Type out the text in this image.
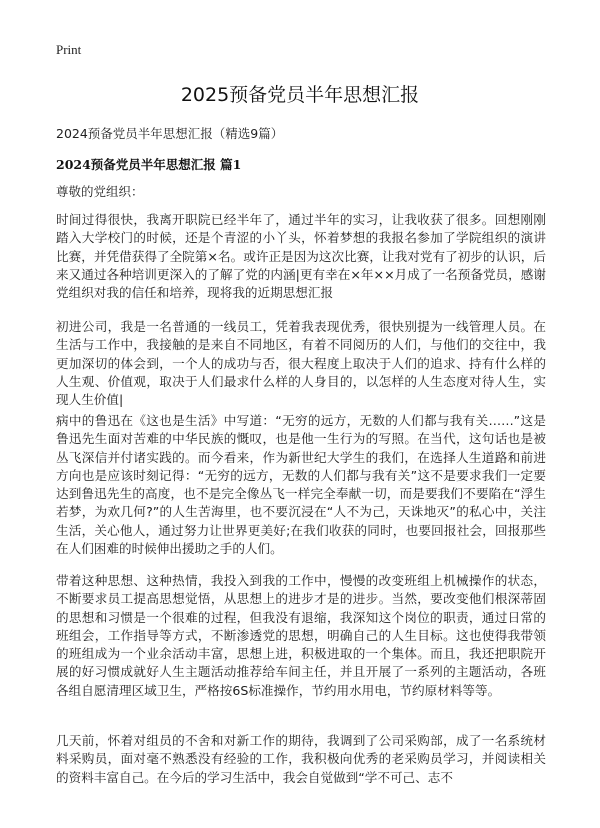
Print
2025预备党员半年思想汇报
2024预备党员半年思想汇报（精选9篇）
2024预备党员半年思想汇报 篇1
尊敬的党组织：

时间过得很快，我离开职院已经半年了，通过半年的实习，让我收获了很多。回想刚刚踏入大学校门的时候，还是个青涩的小丫头，怀着梦想的我报名参加了学院组织的演讲比赛，并凭借获得了全院第×名。或许正是因为这次比赛，让我对党有了初步的认识，后来又通过各种培训更深入的了解了党的内涵|更有幸在×年××月成了一名预备党员，感谢党组织对我的信任和培养，现将我的近期思想汇报

初进公司，我是一名普通的一线员工，凭着我表现优秀，很快别提为一线管理人员。在生活与工作中，我接触的是来自不同地区，有着不同阅历的人们，与他们的交往中，我更加深切的体会到，一个人的成功与否，很大程度上取决于人们的追求、持有什么样的人生观、价值观，取决于人们最求什么样的人身目的，以怎样的人生态度对待人生，实现人生价值|

病中的鲁迅在《这也是生活》中写道：“无穷的远方，无数的人们都与我有关……”这是鲁迅先生面对苦难的中华民族的慨叹，也是他一生行为的写照。在当代，这句话也是被丛飞深信并付诸实践的。而今看来，作为新世纪大学生的我们，在选择人生道路和前进方向也是应该时刻记得：“无穷的远方，无数的人们都与我有关”这不是要求我们一定要达到鲁迅先生的高度，也不是完全像丛飞一样完全奉献一切，而是要我们不要陷在“浮生若梦，为欢几何?”的人生苦海里，也不要沉浸在“人不为己，天诛地灭”的私心中，关注生活，关心他人，通过努力让世界更美好;在我们收获的同时，也要回报社会，回报那些在人们困难的时候伸出援助之手的人们。

带着这种思想、这种热情，我投入到我的工作中，慢慢的改变班组上机械操作的状态，不断要求员工提高思想觉悟，从思想上的进步才是的进步。当然，要改变他们根深蒂固的思想和习惯是一个很难的过程，但我没有退缩，我深知这个岗位的职责，通过日常的班组会，工作指导等方式，不断渗透党的思想，明确自己的人生目标。这也使得我带领的班组成为一个业余活动丰富，思想上进，积极进取的一个集体。而且，我还把职院开展的好习惯成就好人生主题活动推荐给车间主任，并且开展了一系列的主题活动，各班各组自愿清理区域卫生，严格按6S标准操作，节约用水用电，节约原材料等等。

几天前，怀着对组员的不舍和对新工作的期待，我调到了公司采购部，成了一名系统材料采购员，面对毫不熟悉没有经验的工作，我积极向优秀的老采购员学习，并阅读相关的资料丰富自己。在今后的学习生活中，我会自觉做到“学不可己、志不
